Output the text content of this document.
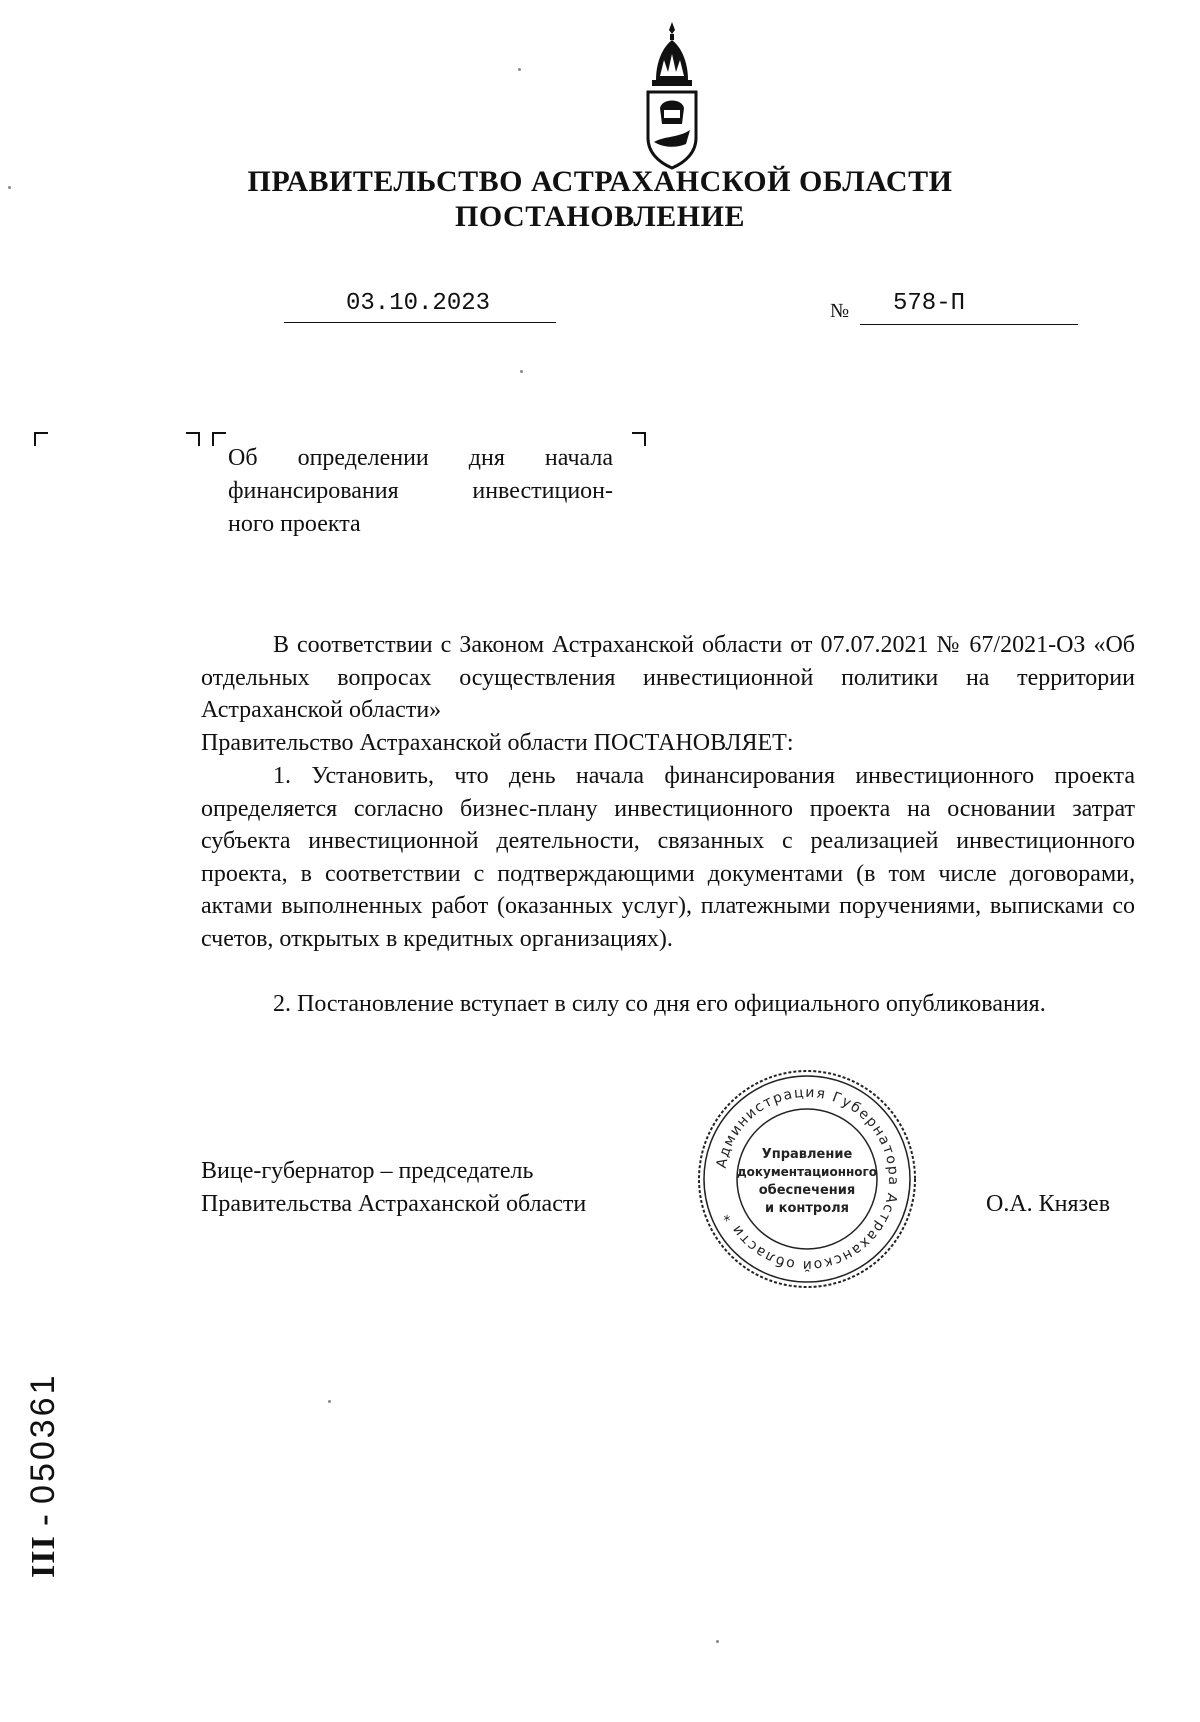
ПРАВИТЕЛЬСТВО АСТРАХАНСКОЙ ОБЛАСТИ
ПОСТАНОВЛЕНИЕ
03.10.2023	№ 578-П

Об определении дня начала

финансирования инвестицион-

ного проекта

В соответствии с Законом Астраханской области от 07.07.2021 № 67/2021-ОЗ «Об отдельных вопросах осуществления инвестиционной политики на территории Астраханской области»
Правительство Астраханской области ПОСТАНОВЛЯЕТ:
1. Установить, что день начала финансирования инвестиционного проекта определяется согласно бизнес-плану инвестиционного проекта на основании затрат субъекта инвестиционной деятельности, связанных с реализацией инвестиционного проекта, в соответствии с подтверждающими документами (в том числе договорами, актами выполненных работ (оказанных услуг), платежными поручениями, выписками со счетов, открытых в кредитных организациях).
2. Постановление вступает в силу со дня его официального опубликования.
Вице-губернатор – председатель
Правительства Астраханской области	О.А. Князев
Администрация Губернатора Астраханской области *
Управление
документационного
обеспечения
и контроля
III - 050361
